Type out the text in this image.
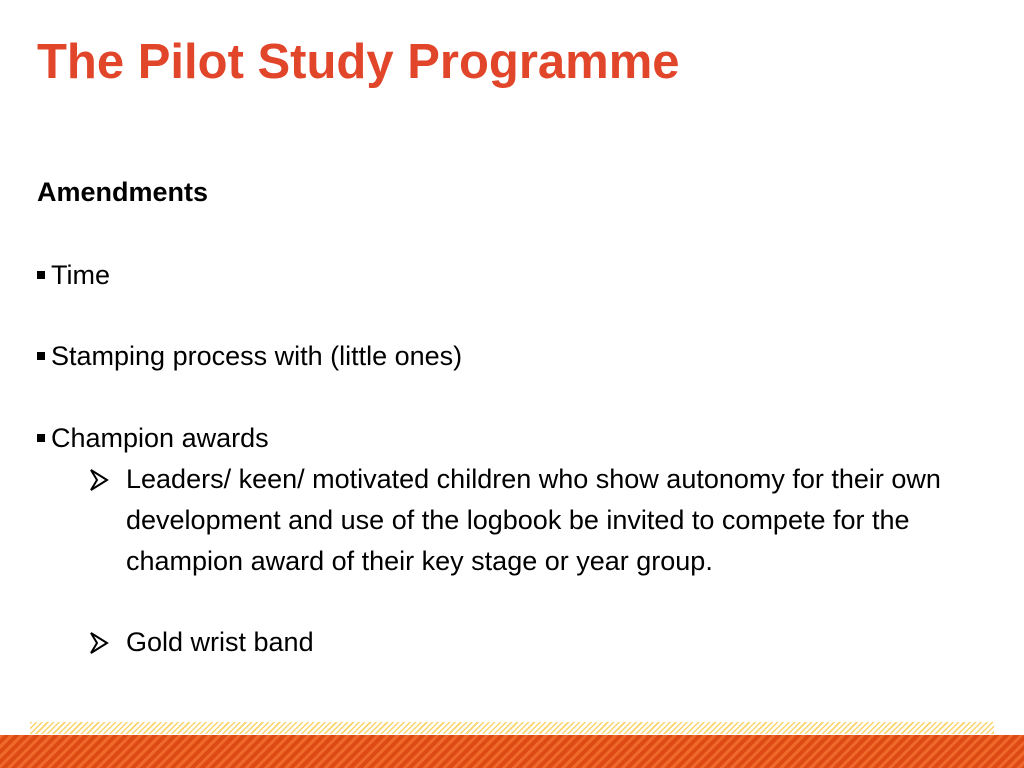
The Pilot Study Programme
Amendments
Time
Stamping process with (little ones)
Champion awards
Leaders/ keen/ motivated children who show autonomy for their own development and use of the logbook be invited to compete for the champion award of their key stage or year group.
Gold wrist band
